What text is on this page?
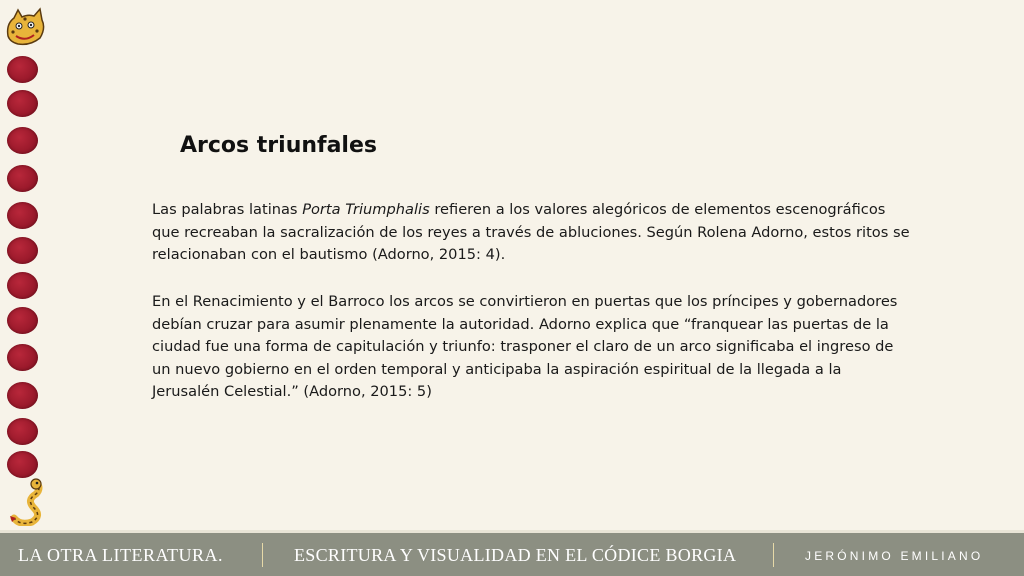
Arcos triunfales

Las palabras latinas Porta Triumphalis refieren a los valores alegóricos de elementos escenográficos que recreaban la sacralización de los reyes a través de abluciones. Según Rolena Adorno, estos ritos se relacionaban con el bautismo (Adorno, 2015: 4).

En el Renacimiento y el Barroco los arcos se convirtieron en puertas que los príncipes y gobernadores debían cruzar para asumir plenamente la autoridad. Adorno explica que “franquear las puertas de la ciudad fue una forma de capitulación y triunfo: trasponer el claro de un arco significaba el ingreso de un nuevo gobierno en el orden temporal y anticipaba la aspiración espiritual de la llegada a la Jerusalén Celestial.” (Adorno, 2015: 5)

LA OTRA LITERATURA.	ESCRITURA Y VISUALIDAD EN EL CÓDICE BORGIA	JERÓNIMO EMILIANO
